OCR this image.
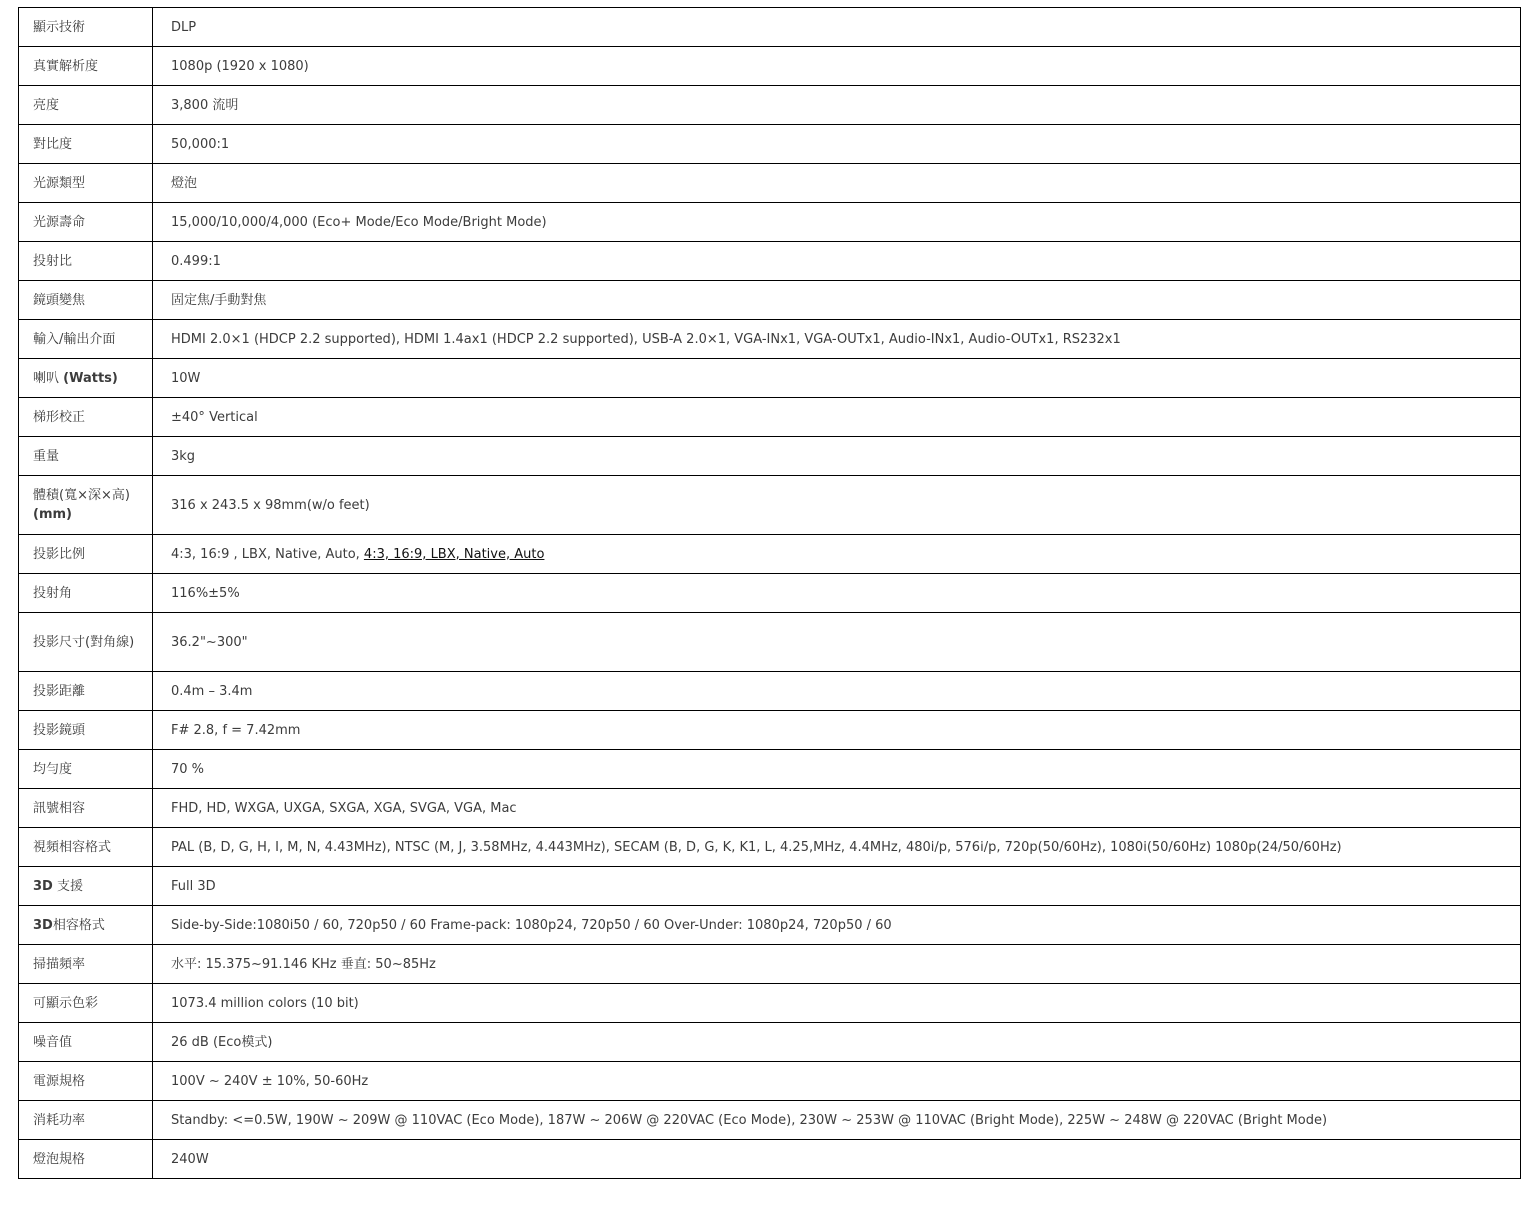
顯示技術	DLP
真實解析度	1080p (1920 x 1080)
亮度	3,800 流明
對比度	50,000:1
光源類型	燈泡
光源壽命	15,000/10,000/4,000 (Eco+ Mode/Eco Mode/Bright Mode)
投射比	0.499:1
鏡頭變焦	固定焦/手動對焦
輸入/輸出介面	HDMI 2.0×1 (HDCP 2.2 supported), HDMI 1.4ax1 (HDCP 2.2 supported), USB-A 2.0×1, VGA-INx1, VGA-OUTx1, Audio-INx1, Audio-OUTx1, RS232x1
喇叭 (Watts)	10W
梯形校正	±40° Vertical
重量	3kg
體積(寬×深×高) (mm)	316 x 243.5 x 98mm(w/o feet)
投影比例	4:3, 16:9 , LBX, Native, Auto, 4:3, 16:9, LBX, Native, Auto
投射角	116%±5%
投影尺寸(對角線)	36.2"~300"
投影距離	0.4m – 3.4m
投影鏡頭	F# 2.8, f = 7.42mm
均勻度	70 %
訊號相容	FHD, HD, WXGA, UXGA, SXGA, XGA, SVGA, VGA, Mac
視頻相容格式	PAL (B, D, G, H, I, M, N, 4.43MHz), NTSC (M, J, 3.58MHz, 4.443MHz), SECAM (B, D, G, K, K1, L, 4.25,MHz, 4.4MHz, 480i/p, 576i/p, 720p(50/60Hz), 1080i(50/60Hz) 1080p(24/50/60Hz)
3D 支援	Full 3D
3D相容格式	Side-by-Side:1080i50 / 60, 720p50 / 60 Frame-pack: 1080p24, 720p50 / 60 Over-Under: 1080p24, 720p50 / 60
掃描頻率	水平: 15.375~91.146 KHz 垂直: 50~85Hz
可顯示色彩	1073.4 million colors (10 bit)
噪音值	26 dB (Eco模式)
電源規格	100V ~ 240V ± 10%, 50-60Hz
消耗功率	Standby: <=0.5W, 190W ~ 209W @ 110VAC (Eco Mode), 187W ~ 206W @ 220VAC (Eco Mode), 230W ~ 253W @ 110VAC (Bright Mode), 225W ~ 248W @ 220VAC (Bright Mode)
燈泡規格	240W
